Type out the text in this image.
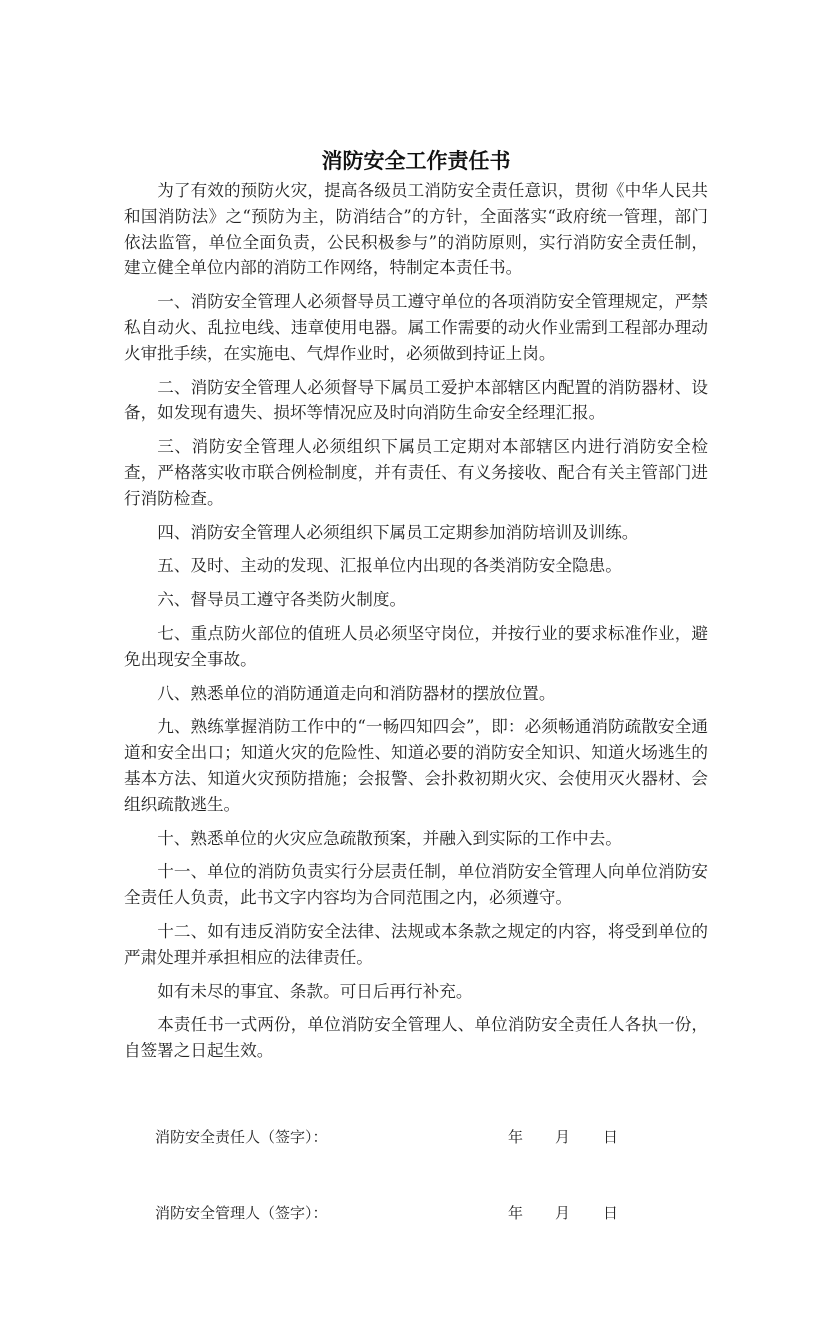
消防安全工作责任书

为了有效的预防火灾，提高各级员工消防安全责任意识，贯彻《中华人民共和国消防法》之“预防为主，防消结合”的方针，全面落实“政府统一管理，部门依法监管，单位全面负责，公民积极参与”的消防原则，实行消防安全责任制，建立健全单位内部的消防工作网络，特制定本责任书。

一、消防安全管理人必须督导员工遵守单位的各项消防安全管理规定，严禁私自动火、乱拉电线、违章使用电器。属工作需要的动火作业需到工程部办理动火审批手续，在实施电、气焊作业时，必须做到持证上岗。

二、消防安全管理人必须督导下属员工爱护本部辖区内配置的消防器材、设备，如发现有遗失、损坏等情况应及时向消防生命安全经理汇报。

三、消防安全管理人必须组织下属员工定期对本部辖区内进行消防安全检查，严格落实收市联合例检制度，并有责任、有义务接收、配合有关主管部门进行消防检查。

四、消防安全管理人必须组织下属员工定期参加消防培训及训练。

五、及时、主动的发现、汇报单位内出现的各类消防安全隐患。

六、督导员工遵守各类防火制度。

七、重点防火部位的值班人员必须坚守岗位，并按行业的要求标准作业，避免出现安全事故。

八、熟悉单位的消防通道走向和消防器材的摆放位置。

九、熟练掌握消防工作中的“一畅四知四会”，即：必须畅通消防疏散安全通道和安全出口；知道火灾的危险性、知道必要的消防安全知识、知道火场逃生的基本方法、知道火灾预防措施；会报警、会扑救初期火灾、会使用灭火器材、会组织疏散逃生。

十、熟悉单位的火灾应急疏散预案，并融入到实际的工作中去。

十一、单位的消防负责实行分层责任制，单位消防安全管理人向单位消防安全责任人负责，此书文字内容均为合同范围之内，必须遵守。

十二、如有违反消防安全法律、法规或本条款之规定的内容，将受到单位的严肃处理并承担相应的法律责任。

如有未尽的事宜、条款。可日后再行补充。

本责任书一式两份，单位消防安全管理人、单位消防安全责任人各执一份，自签署之日起生效。

消防安全责任人（签字）：	年 月 日
消防安全管理人（签字）：	年 月 日
